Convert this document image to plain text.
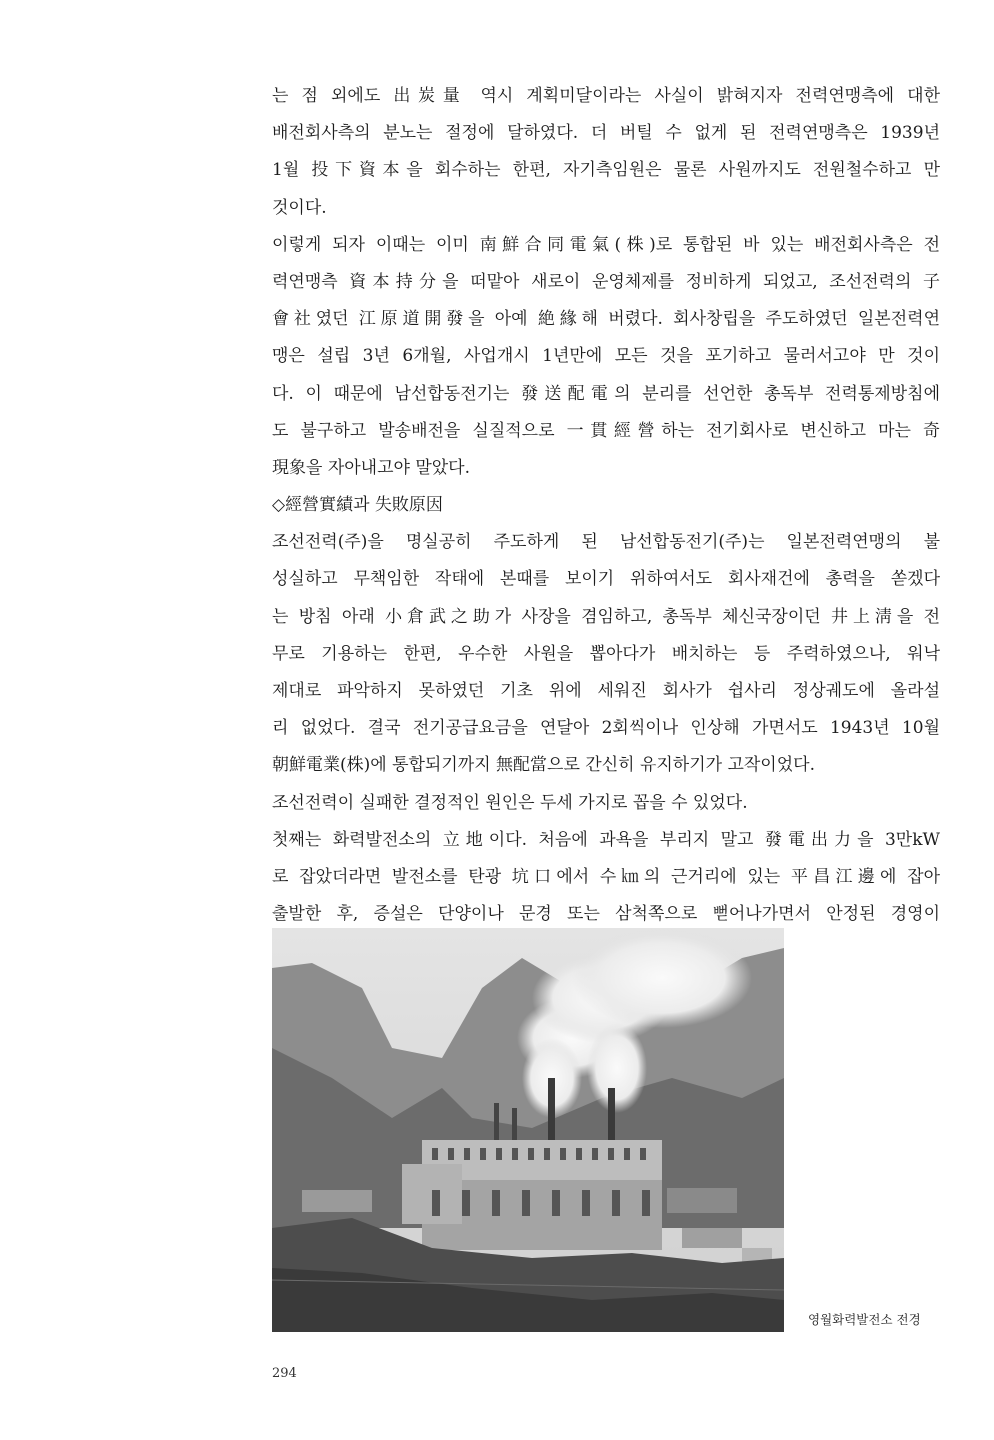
는 점 외에도 出炭量 역시 계획미달이라는 사실이 밝혀지자 전력연맹측에 대한
배전회사측의 분노는 절정에 달하였다. 더 버틸 수 없게 된 전력연맹측은 1939년
1월 投下資本을 회수하는 한편, 자기측임원은 물론 사원까지도 전원철수하고 만
것이다.
이렇게 되자 이때는 이미 南鮮合同電氣(株)로 통합된 바 있는 배전회사측은 전
력연맹측 資本持分을 떠맡아 새로이 운영체제를 정비하게 되었고, 조선전력의 子
會社였던 江原道開發을 아예 絶緣해 버렸다. 회사창립을 주도하였던 일본전력연
맹은 설립 3년 6개월, 사업개시 1년만에 모든 것을 포기하고 물러서고야 만 것이
다. 이 때문에 남선합동전기는 發送配電의 분리를 선언한 총독부 전력통제방침에
도 불구하고 발송배전을 실질적으로 一貫經營하는 전기회사로 변신하고 마는 奇
現象을 자아내고야 말았다.
◇經營實績과 失敗原因
조선전력(주)을 명실공히 주도하게 된 남선합동전기(주)는 일본전력연맹의 불
성실하고 무책임한 작태에 본때를 보이기 위하여서도 회사재건에 총력을 쏟겠다
는 방침 아래 小倉武之助가 사장을 겸임하고, 총독부 체신국장이던 井上淸을 전
무로 기용하는 한편, 우수한 사원을 뽑아다가 배치하는 등 주력하였으나, 워낙
제대로 파악하지 못하였던 기초 위에 세워진 회사가 쉽사리 정상궤도에 올라설
리 없었다. 결국 전기공급요금을 연달아 2회씩이나 인상해 가면서도 1943년 10월
朝鮮電業(株)에 통합되기까지 無配當으로 간신히 유지하기가 고작이었다.
조선전력이 실패한 결정적인 원인은 두세 가지로 꼽을 수 있었다.
첫째는 화력발전소의 立地이다. 처음에 과욕을 부리지 말고 發電出力을 3만kW
로 잡았더라면 발전소를 탄광 坑口에서 수㎞의 근거리에 있는 平昌江邊에 잡아
출발한 후, 증설은 단양이나 문경 또는 삼척쪽으로 뻗어나가면서 안정된 경영이
영월화력발전소 전경
294
